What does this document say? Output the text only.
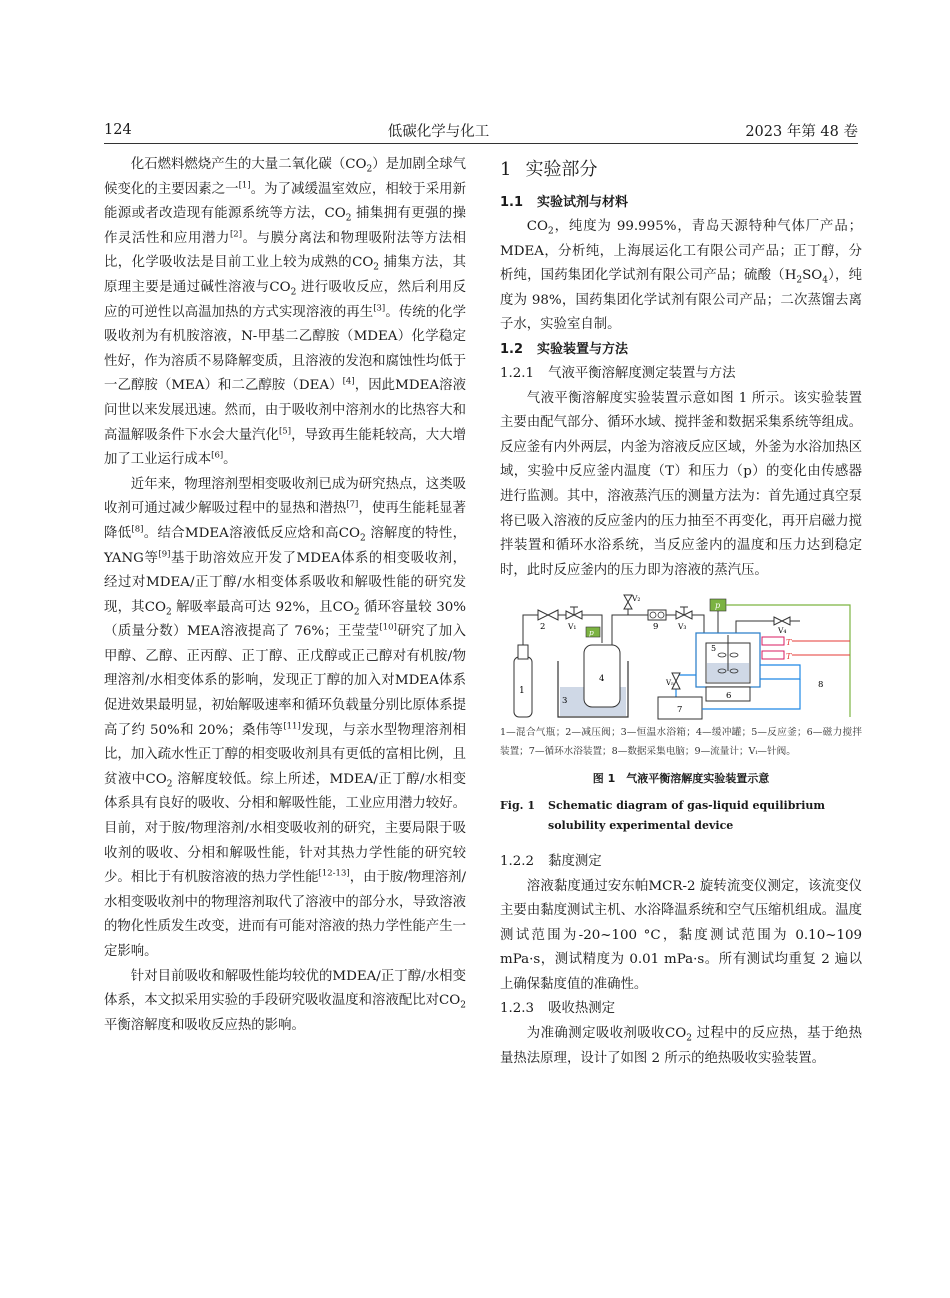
124	低碳化学与化工	2023 年第 48 卷

化石燃料燃烧产生的大量二氧化碳$(CO_2)$是加剧全球气候变化的主要因素之一[1]。为了减缓温室效应，相较于采用新能源或者改造现有能源系统等方法，$CO_2$ 捕集拥有更强的操作灵活性和应用潜力[2]。与膜分离法和物理吸附法等方法相比，化学吸收法是目前工业上较为成熟的$CO_2$ 捕集方法，其原理主要是通过碱性溶液与$CO_2$ 进行吸收反应，然后利用反应的可逆性以高温加热的方式实现溶液的再生[3]。传统的化学吸收剂为有机胺溶液，N-甲基二乙醇胺（MDEA）化学稳定性好，作为溶质不易降解变质，且溶液的发泡和腐蚀性均低于一乙醇胺（MEA）和二乙醇胺（DEA）[4]，因此MDEA溶液问世以来发展迅速。然而，由于吸收剂中溶剂水的比热容大和高温解吸条件下水会大量汽化[5]，导致再生能耗较高，大大增加了工业运行成本[6]。

近年来，物理溶剂型相变吸收剂已成为研究热点，这类吸收剂可通过减少解吸过程中的显热和潜热[7]，使再生能耗显著降低[8]。结合MDEA溶液低反应焓和高$CO_2$ 溶解度的特性，YANG等[9]基于助溶效应开发了MDEA体系的相变吸收剂，经过对MDEA/正丁醇/水相变体系吸收和解吸性能的研究发现，其$CO_2$ 解吸率最高可达 92%，且$CO_2$ 循环容量较 30%（质量分数）MEA溶液提高了 76%；王莹莹[10]研究了加入甲醇、乙醇、正丙醇、正丁醇、正戊醇或正己醇对有机胺/物理溶剂/水相变体系的影响，发现正丁醇的加入对MDEA体系促进效果最明显，初始解吸速率和循环负载量分别比原体系提高了约 50%和 20%；桑伟等[11]发现，与亲水型物理溶剂相比，加入疏水性正丁醇的相变吸收剂具有更低的富相比例，且贫液中$CO_2$ 溶解度较低。综上所述，MDEA/正丁醇/水相变体系具有良好的吸收、分相和解吸性能，工业应用潜力较好。目前，对于胺/物理溶剂/水相变吸收剂的研究，主要局限于吸收剂的吸收、分相和解吸性能，针对其热力学性能的研究较少。相比于有机胺溶液的热力学性能[12-13]，由于胺/物理溶剂/水相变吸收剂中的物理溶剂取代了溶液中的部分水，导致溶液的物化性质发生改变，进而有可能对溶液的热力学性能产生一定影响。

针对目前吸收和解吸性能均较优的MDEA/正丁醇/水相变体系，本文拟采用实验的手段研究吸收温度和溶液配比对$CO_2$ 平衡溶解度和吸收反应热的影响。

1 实验部分
1.1 实验试剂与材料

$CO_2$，纯度为 99.995%，青岛天源特种气体厂产品；MDEA，分析纯，上海展运化工有限公司产品；正丁醇，分析纯，国药集团化学试剂有限公司产品；硫酸$(H_2SO_4)$，纯度为 98%，国药集团化学试剂有限公司产品；二次蒸馏去离子水，实验室自制。

1.2 实验装置与方法
1.2.1 气液平衡溶解度测定装置与方法

气液平衡溶解度实验装置示意如图 1 所示。该实验装置主要由配气部分、循环水域、搅拌釜和数据采集系统等组成。反应釜有内外两层，内釜为溶液反应区域，外釜为水浴加热区域，实验中反应釜内温度（T）和压力（p）的变化由传感器进行监测。其中，溶液蒸汽压的测量方法为：首先通过真空泵将已吸入溶液的反应釜内的压力抽至不再变化，再开启磁力搅拌装置和循环水浴系统，当反应釜内的温度和压力达到稳定时，此时反应釜内的压力即为溶液的蒸汽压。

1
2	V₁
p
3
4
V₂
9	V₃
p
V₄
5
T
T
8
6
V₅
7
1—混合气瓶；2—减压阀；3—恒温水浴箱；4—缓冲罐；5—反应釜；6—磁力搅拌装置；7—循环水浴装置；8—数据采集电脑；9—流量计；Vᵢ—针阀。
图 1　气液平衡溶解度实验装置示意
Fig. 1	Schematic diagram of gas-liquid equilibrium solubility experimental device
1.2.2 黏度测定

溶液黏度通过安东帕MCR-2 旋转流变仪测定，该流变仪主要由黏度测试主机、水浴降温系统和空气压缩机组成。温度测试范围为-20~100 °C，黏度测试范围为 0.10~109 mPa·s，测试精度为 0.01 mPa·s。所有测试均重复 2 遍以上确保黏度值的准确性。

1.2.3 吸收热测定

为准确测定吸收剂吸收$CO_2$ 过程中的反应热，基于绝热量热法原理，设计了如图 2 所示的绝热吸收实验装置。
